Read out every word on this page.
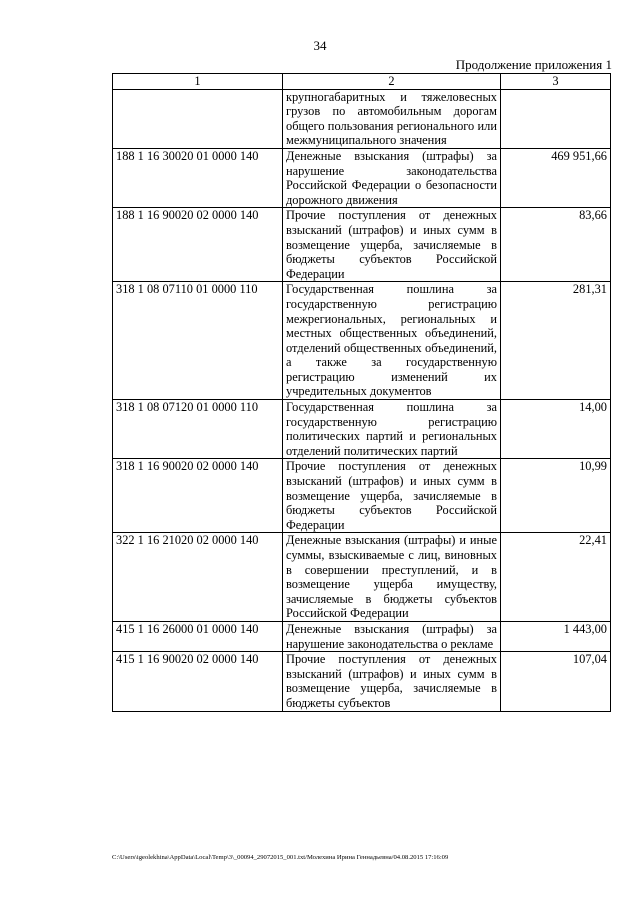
34
Продолжение приложения 1
1	2	3
	крупногабаритных и тяжеловесных грузов по автомобильным дорогам общего пользования регионального или межмуниципального значения	
188 1 16 30020 01 0000 140	Денежные взыскания (штрафы) за нарушение законодательства Российской Федерации о безопасности дорожного движения	469 951,66
188 1 16 90020 02 0000 140	Прочие поступления от денежных взысканий (штрафов) и иных сумм в возмещение ущерба, зачисляемые в бюджеты субъектов Российской Федерации	83,66
318 1 08 07110 01 0000 110	Государственная пошлина за государственную регистрацию межрегиональных, региональных и местных общественных объединений, отделений общественных объединений, а также за государственную регистрацию изменений их учредительных документов	281,31
318 1 08 07120 01 0000 110	Государственная пошлина за государственную регистрацию политических партий и региональных отделений политических партий	14,00
318 1 16 90020 02 0000 140	Прочие поступления от денежных взысканий (штрафов) и иных сумм в возмещение ущерба, зачисляемые в бюджеты субъектов Российской Федерации	10,99
322 1 16 21020 02 0000 140	Денежные взыскания (штрафы) и иные суммы, взыскиваемые с лиц, виновных в совершении преступлений, и в возмещение ущерба имуществу, зачисляемые в бюджеты субъектов Российской Федерации	22,41
415 1 16 26000 01 0000 140	Денежные взыскания (штрафы) за нарушение законодательства о рекламе	1 443,00
415 1 16 90020 02 0000 140	Прочие поступления от денежных взысканий (штрафов) и иных сумм в возмещение ущерба, зачисляемые в бюджеты субъектов	107,04
C:\Users\igeolekhina\AppData\Local\Temp\3\_00094_29072015_001.txt/Молехина Ирина Геннадьевна/04.08.2015 17:16:09
